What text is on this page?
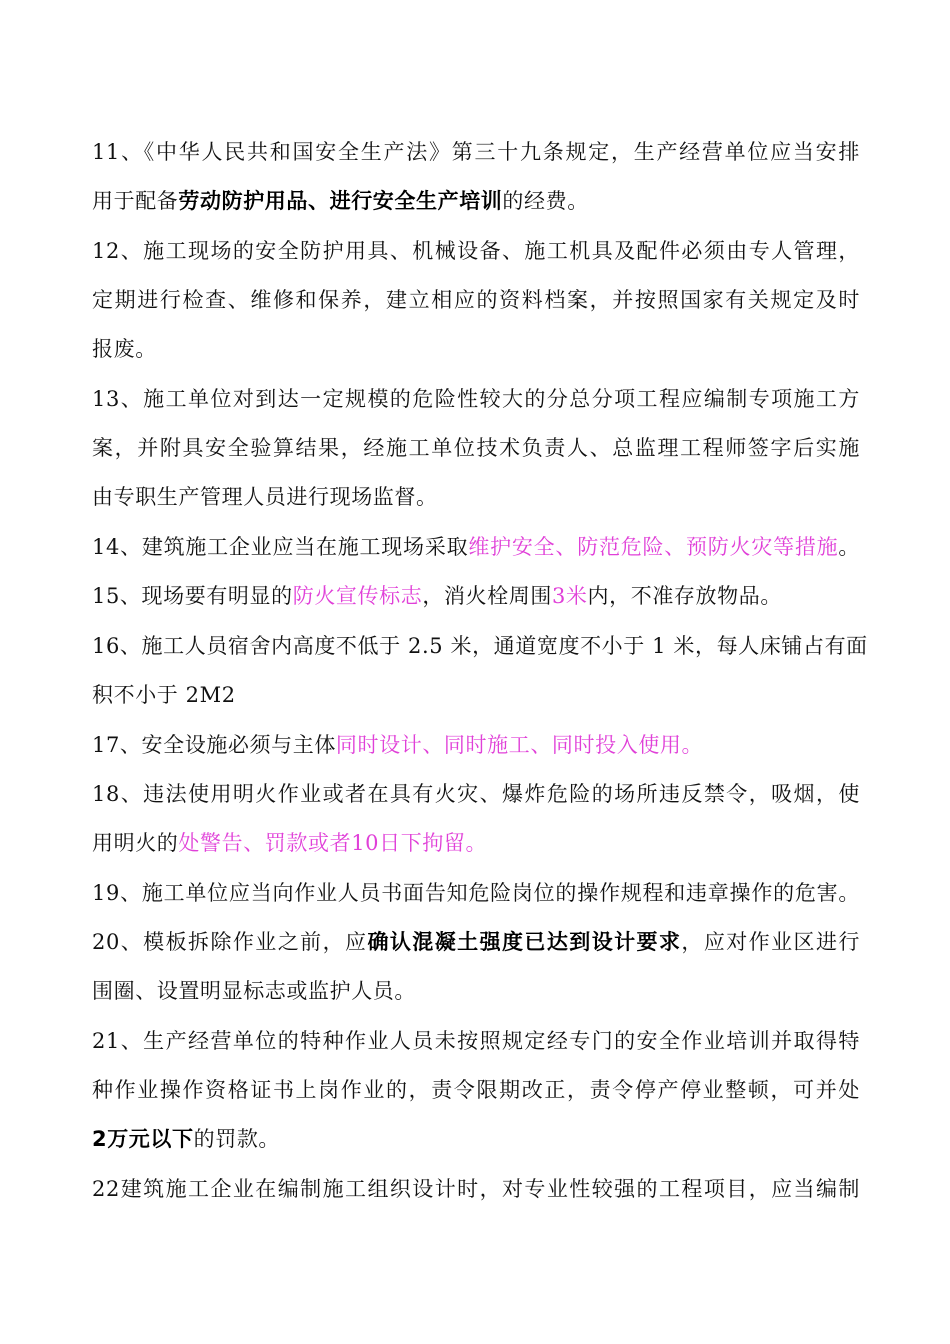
11、《中华人民共和国安全生产法》第三十九条规定，生产经营单位应当安排
用于配备劳动防护用品、进行安全生产培训的经费。
12、施工现场的安全防护用具、机械设备、施工机具及配件必须由专人管理，
定期进行检查、维修和保养，建立相应的资料档案，并按照国家有关规定及时
报废。
13、施工单位对到达一定规模的危险性较大的分总分项工程应编制专项施工方
案，并附具安全验算结果，经施工单位技术负责人、总监理工程师签字后实施
由专职生产管理人员进行现场监督。
14、建筑施工企业应当在施工现场采取维护安全、防范危险、预防火灾等措施。
15、现场要有明显的防火宣传标志，消火栓周围3米内，不准存放物品。
16、施工人员宿舍内高度不低于 2.5 米，通道宽度不小于 1 米，每人床铺占有面
积不小于 2M2
17、安全设施必须与主体同时设计、同时施工、同时投入使用。
18、违法使用明火作业或者在具有火灾、爆炸危险的场所违反禁令，吸烟，使
用明火的处警告、罚款或者10日下拘留。
19、施工单位应当向作业人员书面告知危险岗位的操作规程和违章操作的危害。
20、模板拆除作业之前，应确认混凝土强度已达到设计要求，应对作业区进行
围圈、设置明显标志或监护人员。
21、生产经营单位的特种作业人员未按照规定经专门的安全作业培训并取得特
种作业操作资格证书上岗作业的，责令限期改正，责令停产停业整顿，可并处
2万元以下的罚款。
22建筑施工企业在编制施工组织设计时，对专业性较强的工程项目，应当编制
